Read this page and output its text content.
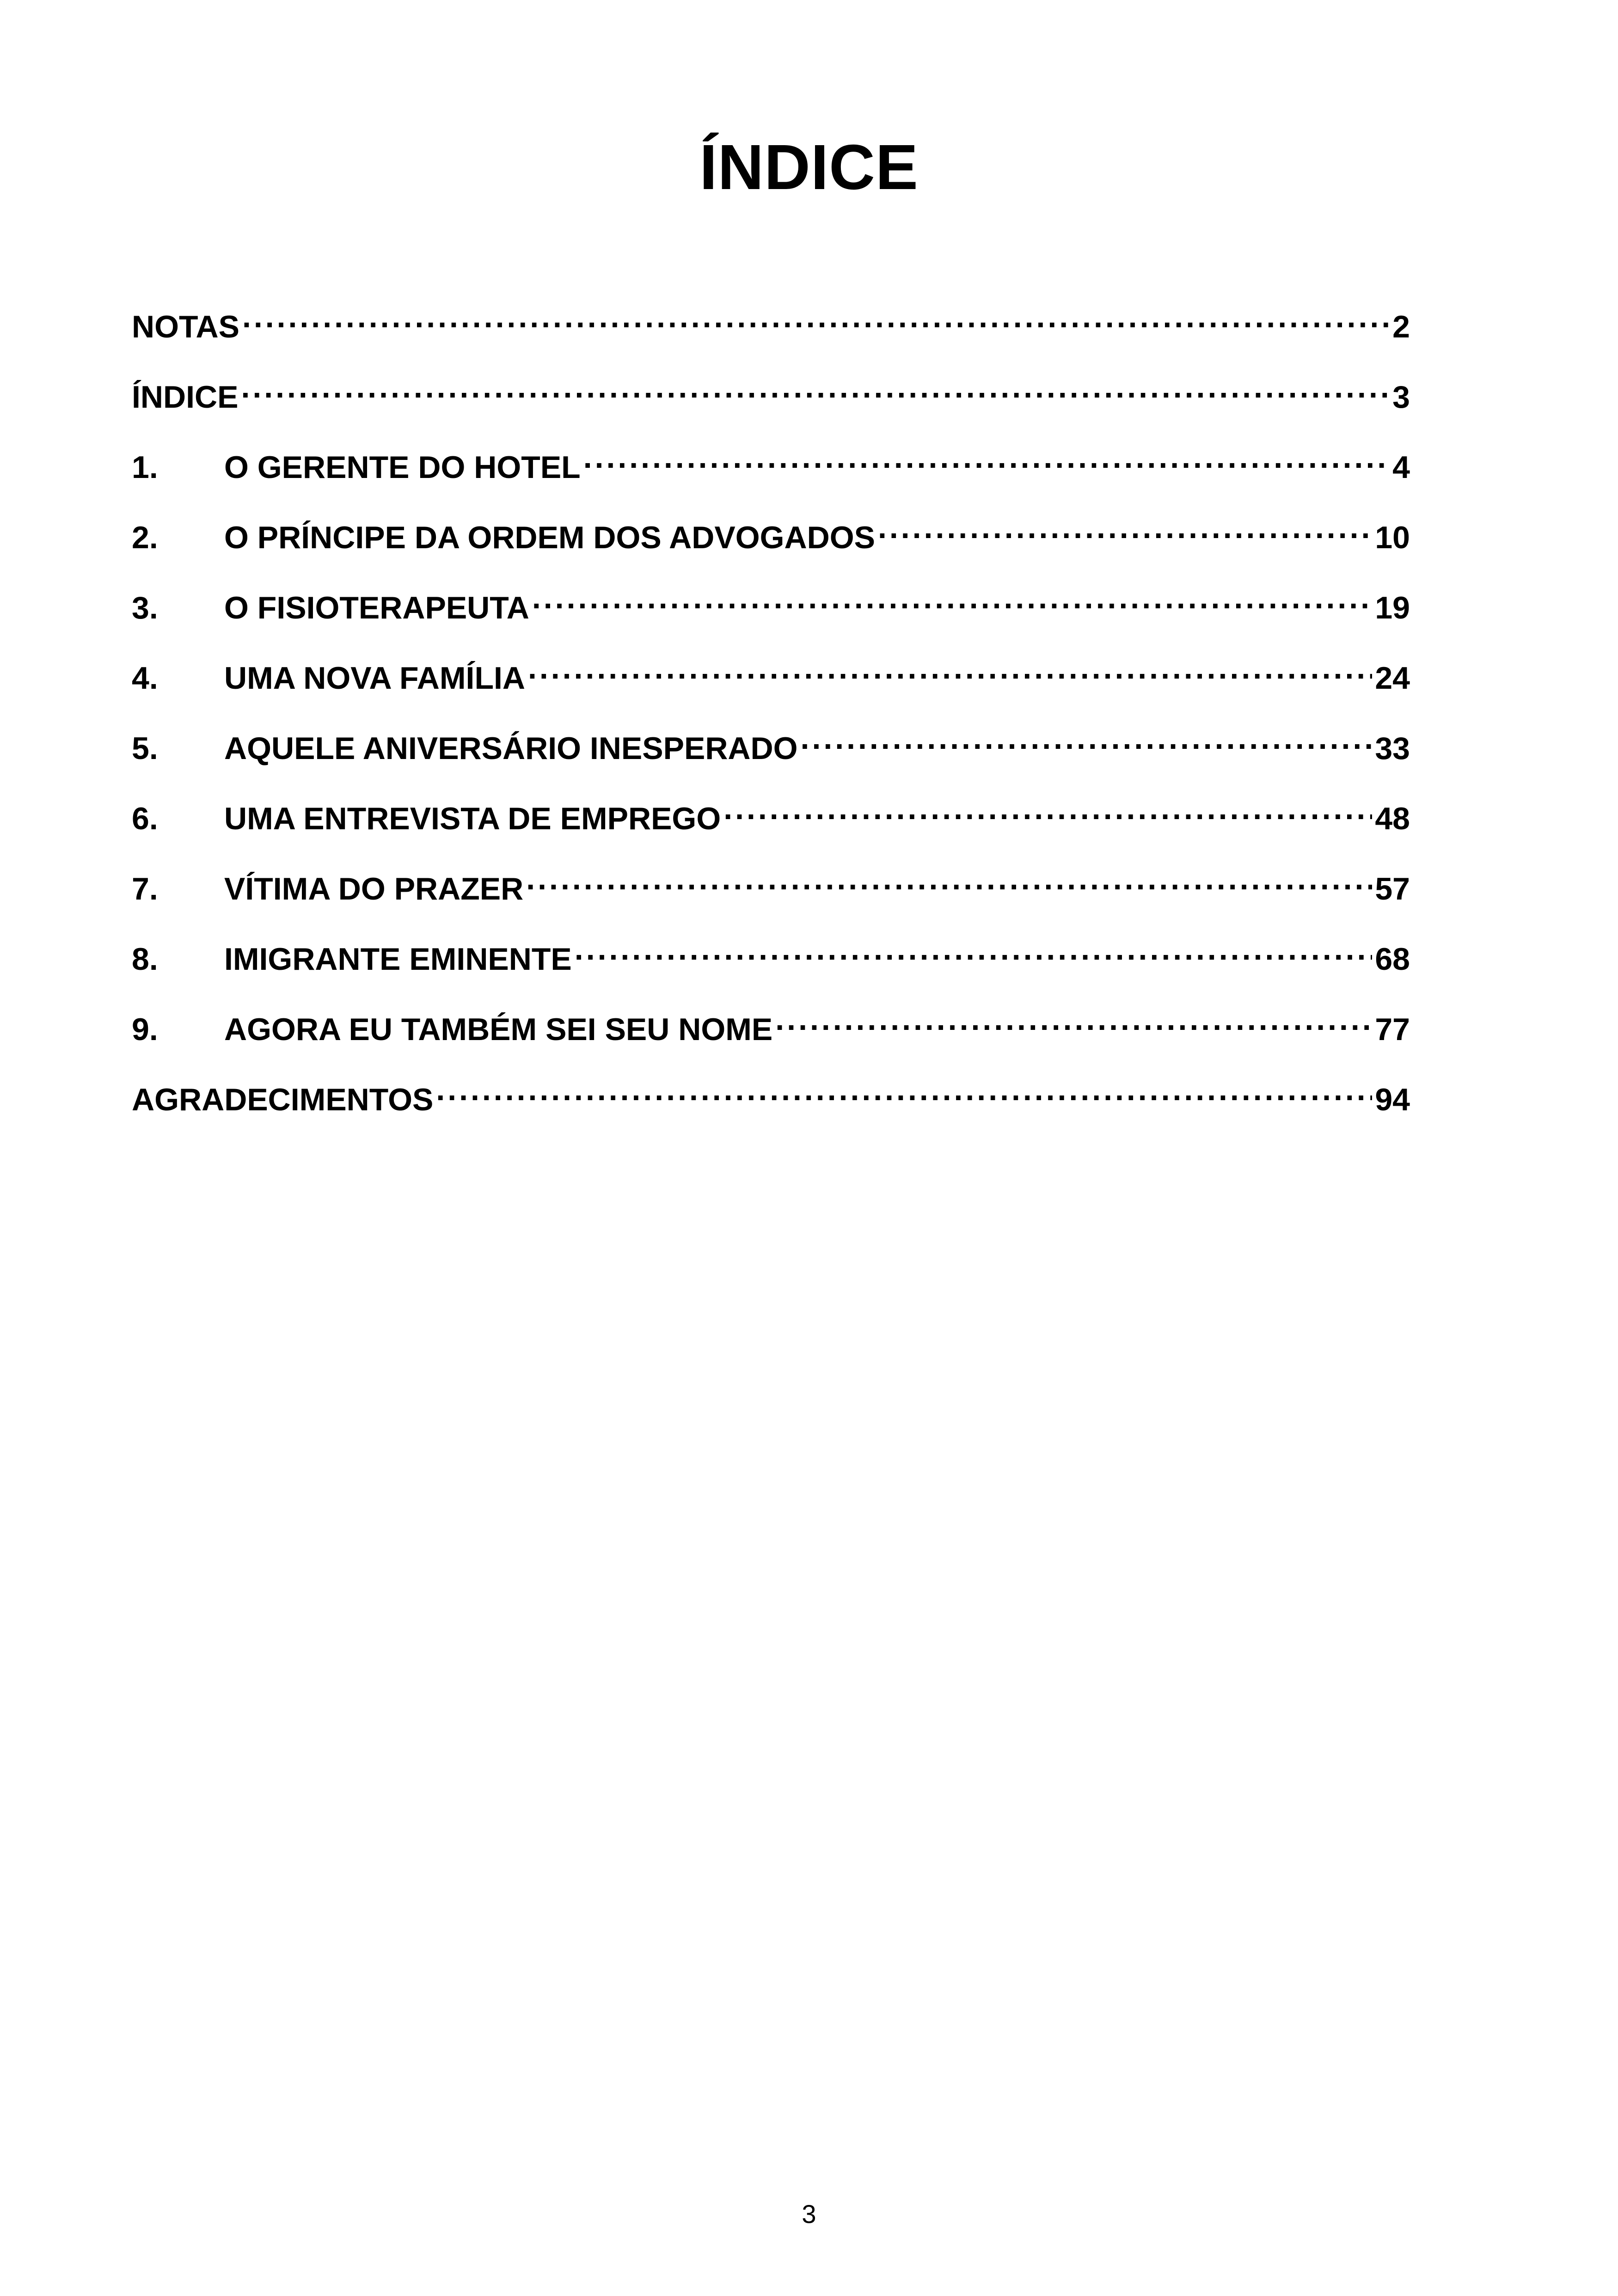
ÍNDICE
NOTAS .....	2
ÍNDICE .....	3
1.	O GERENTE DO HOTEL .....	4
2.	O PRÍNCIPE DA ORDEM DOS ADVOGADOS .....	10
3.	O FISIOTERAPEUTA .....	19
4.	UMA NOVA FAMÍLIA .....	24
5.	AQUELE ANIVERSÁRIO INESPERADO .....	33
6.	UMA ENTREVISTA DE EMPREGO .....	48
7.	VÍTIMA DO PRAZER .....	57
8.	IMIGRANTE EMINENTE .....	68
9.	AGORA EU TAMBÉM SEI SEU NOME .....	77
AGRADECIMENTOS .....	94
3
